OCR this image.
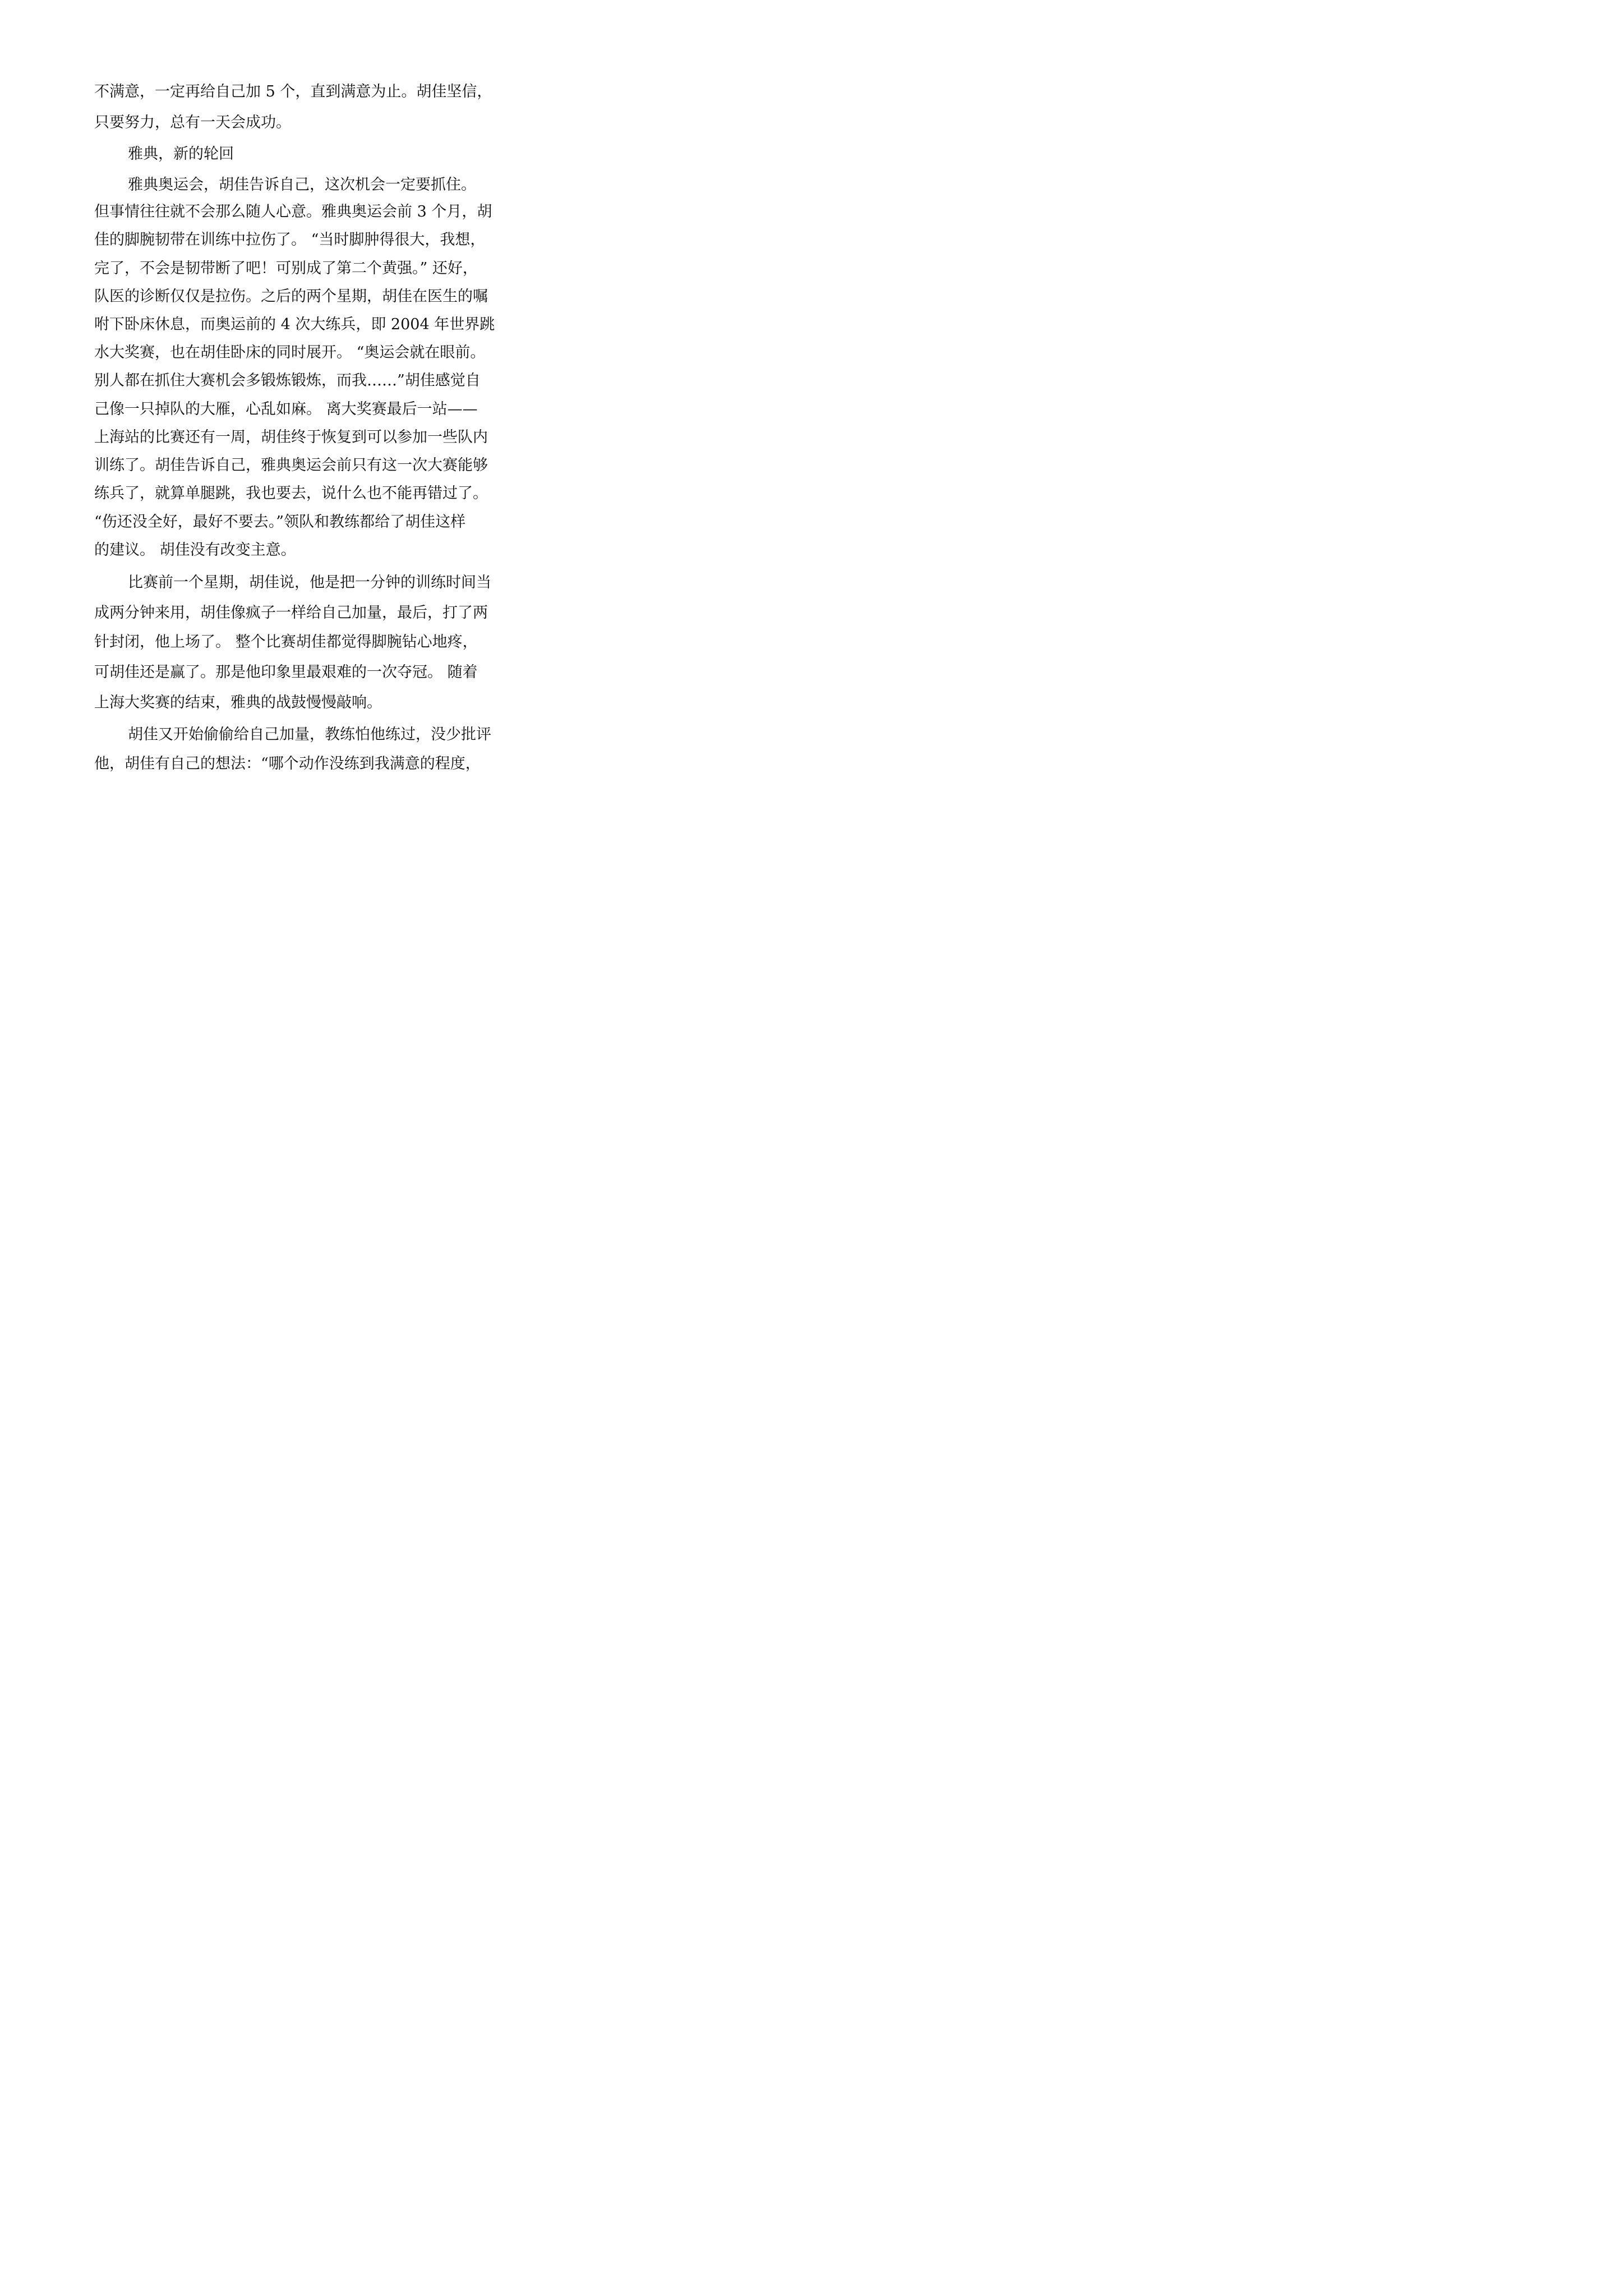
不满意，一定再给自己加 5 个，直到满意为止。胡佳坚信，

只要努力，总有一天会成功。

雅典，新的轮回

雅典奥运会，胡佳告诉自己，这次机会一定要抓住。

但事情往往就不会那么随人心意。雅典奥运会前 3 个月，胡

佳的脚腕韧带在训练中拉伤了。 “当时脚肿得很大，我想，

完了，不会是韧带断了吧！可别成了第二个黄强。” 还好，

队医的诊断仅仅是拉伤。之后的两个星期，胡佳在医生的嘱

咐下卧床休息，而奥运前的 4 次大练兵，即 2004 年世界跳

水大奖赛，也在胡佳卧床的同时展开。 “奥运会就在眼前。

别人都在抓住大赛机会多锻炼锻炼，而我……”胡佳感觉自

己像一只掉队的大雁，心乱如麻。 离大奖赛最后一站——

上海站的比赛还有一周，胡佳终于恢复到可以参加一些队内

训练了。胡佳告诉自己，雅典奥运会前只有这一次大赛能够

练兵了，就算单腿跳，我也要去，说什么也不能再错过了。

“伤还没全好，最好不要去。”领队和教练都给了胡佳这样

的建议。 胡佳没有改变主意。

比赛前一个星期，胡佳说，他是把一分钟的训练时间当

成两分钟来用，胡佳像疯子一样给自己加量，最后，打了两

针封闭，他上场了。 整个比赛胡佳都觉得脚腕钻心地疼，

可胡佳还是赢了。那是他印象里最艰难的一次夺冠。 随着

上海大奖赛的结束，雅典的战鼓慢慢敲响。

胡佳又开始偷偷给自己加量，教练怕他练过，没少批评

他，胡佳有自己的想法：“哪个动作没练到我满意的程度，
